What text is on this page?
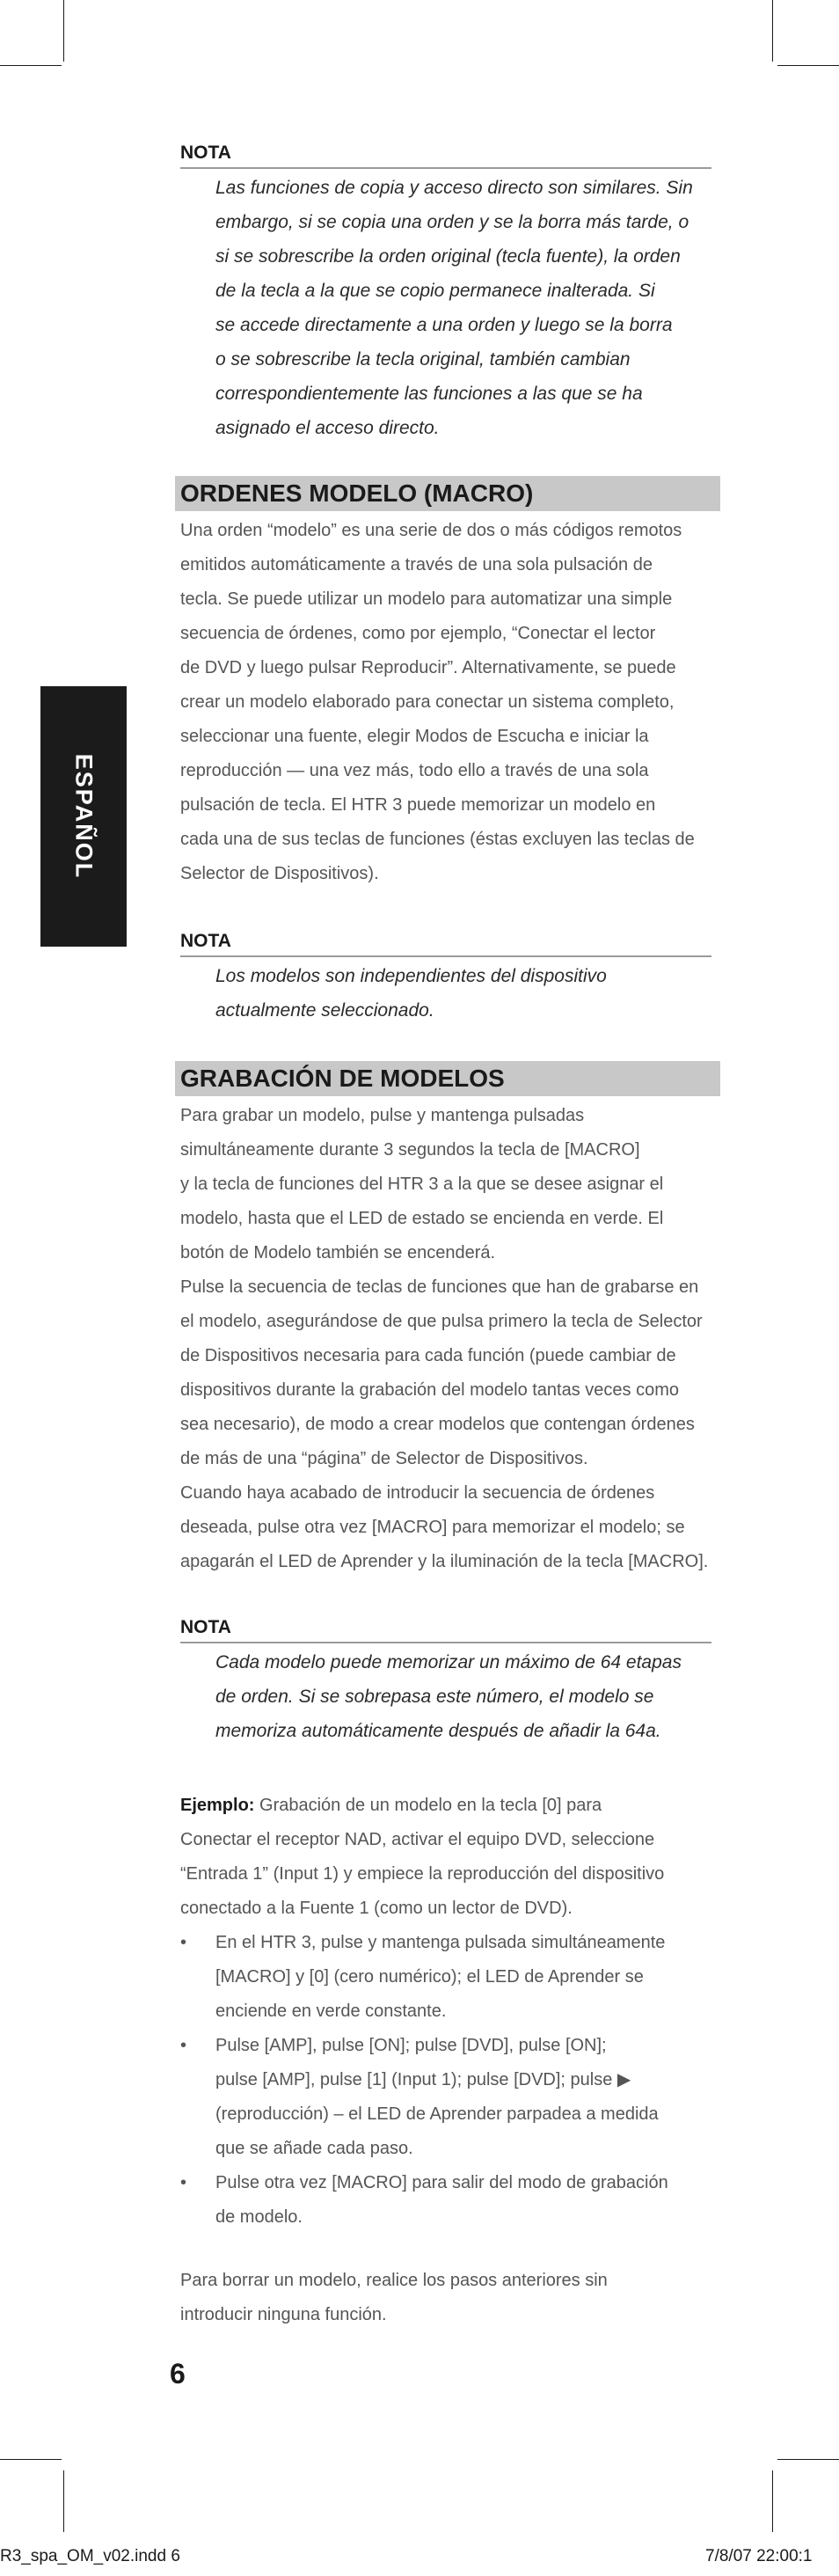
ESPAÑOL
NOTA
Las funciones de copia y acceso directo son similares. Sin
embargo, si se copia una orden y se la borra más tarde, o
si se sobrescribe la orden original (tecla fuente), la orden
de la tecla a la que se copio permanece inalterada. Si
se accede directamente a una orden y luego se la borra
o se sobrescribe la tecla original, también cambian
correspondientemente las funciones a las que se ha
asignado el acceso directo.
ORDENES MODELO (MACRO)
Una orden “modelo” es una serie de dos o más códigos remotos
emitidos automáticamente a través de una sola pulsación de
tecla. Se puede utilizar un modelo para automatizar una simple
secuencia de órdenes, como por ejemplo, “Conectar el lector
de DVD y luego pulsar Reproducir”. Alternativamente, se puede
crear un modelo elaborado para conectar un sistema completo,
seleccionar una fuente, elegir Modos de Escucha e iniciar la
reproducción — una vez más, todo ello a través de una sola
pulsación de tecla. El HTR 3 puede memorizar un modelo en
cada una de sus teclas de funciones (éstas excluyen las teclas de
Selector de Dispositivos).
NOTA
Los modelos son independientes del dispositivo
actualmente seleccionado.
GRABACIÓN DE MODELOS
Para grabar un modelo, pulse y mantenga pulsadas
simultáneamente durante 3 segundos la tecla de [MACRO]
y la tecla de funciones del HTR 3 a la que se desee asignar el
modelo, hasta que el LED de estado se encienda en verde. El
botón de Modelo también se encenderá.
Pulse la secuencia de teclas de funciones que han de grabarse en
el modelo, asegurándose de que pulsa primero la tecla de Selector
de Dispositivos necesaria para cada función (puede cambiar de
dispositivos durante la grabación del modelo tantas veces como
sea necesario), de modo a crear modelos que contengan órdenes
de más de una “página” de Selector de Dispositivos.
Cuando haya acabado de introducir la secuencia de órdenes
deseada, pulse otra vez [MACRO] para memorizar el modelo; se
apagarán el LED de Aprender y la iluminación de la tecla [MACRO].
NOTA
Cada modelo puede memorizar un máximo de 64 etapas
de orden. Si se sobrepasa este número, el modelo se
memoriza automáticamente después de añadir la 64a.
Ejemplo: Grabación de un modelo en la tecla [0] para
Conectar el receptor NAD, activar el equipo DVD, seleccione
“Entrada 1” (Input 1) y empiece la reproducción del dispositivo
conectado a la Fuente 1 (como un lector de DVD).
•	En el HTR 3, pulse y mantenga pulsada simultáneamente
[MACRO] y [0] (cero numérico); el LED de Aprender se
enciende en verde constante.
•	Pulse [AMP], pulse [ON]; pulse [DVD], pulse [ON];
pulse [AMP], pulse [1] (Input 1); pulse [DVD]; pulse ▶
(reproducción) – el LED de Aprender parpadea a medida
que se añade cada paso.
•	Pulse otra vez [MACRO] para salir del modo de grabación
de modelo.
Para borrar un modelo, realice los pasos anteriores sin
introducir ninguna función.
6
R3_spa_OM_v02.indd 6	7/8/07 22:00:1
